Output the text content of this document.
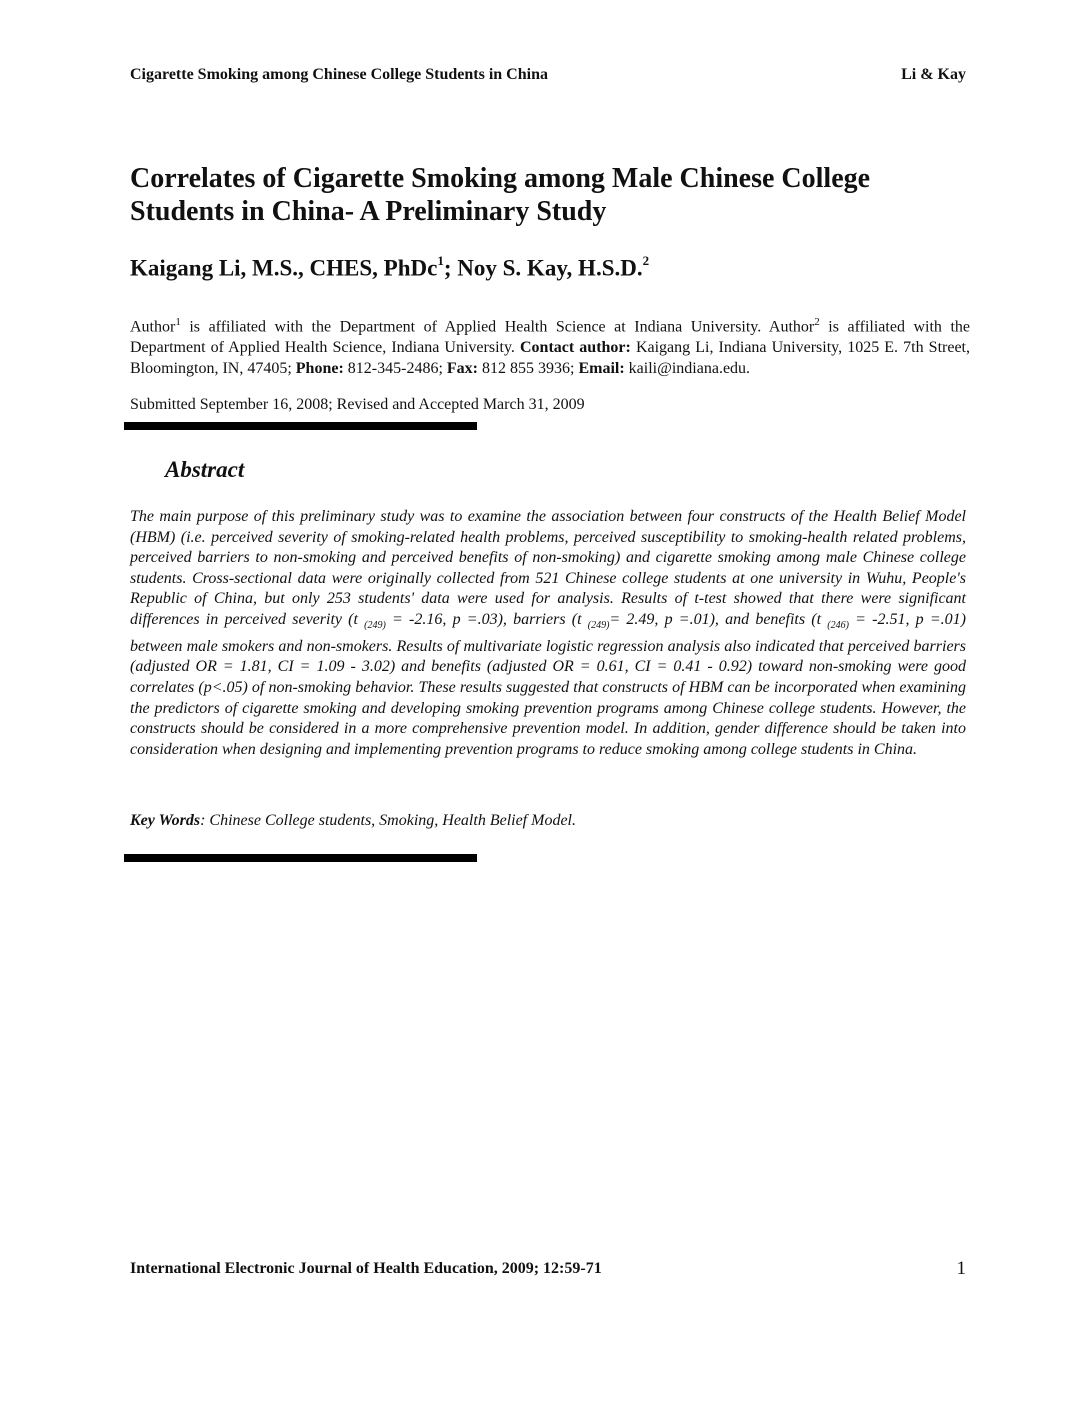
Cigarette Smoking among Chinese College Students in China	Li & Kay
Correlates of Cigarette Smoking among Male Chinese College Students in China- A Preliminary Study
Kaigang Li, M.S., CHES, PhDc$^1$; Noy S. Kay, H.S.D.$^2$
Author$^1$ is affiliated with the Department of Applied Health Science at Indiana University. Author$^2$ is affiliated with the Department of Applied Health Science, Indiana University. Contact author: Kaigang Li, Indiana University, 1025 E. 7th Street, Bloomington, IN, 47405; Phone: 812-345-2486; Fax: 812 855 3936; Email: kaili@indiana.edu.
Submitted September 16, 2008; Revised and Accepted March 31, 2009
Abstract
The main purpose of this preliminary study was to examine the association between four constructs of the Health Belief Model (HBM) (i.e. perceived severity of smoking-related health problems, perceived susceptibility to smoking-health related problems, perceived barriers to non-smoking and perceived benefits of non-smoking) and cigarette smoking among male Chinese college students. Cross-sectional data were originally collected from 521 Chinese college students at one university in Wuhu, People's Republic of China, but only 253 students' data were used for analysis. Results of t-test showed that there were significant differences in perceived severity (t $_{(249)}$ = -2.16, p =.03), barriers (t $_{(249)}$= 2.49, p =.01), and benefits (t $_{(246)}$ = -2.51, p =.01) between male smokers and non-smokers. Results of multivariate logistic regression analysis also indicated that perceived barriers (adjusted OR = 1.81, CI = 1.09 - 3.02) and benefits (adjusted OR = 0.61, CI = 0.41 - 0.92) toward non-smoking were good correlates (p<.05) of non-smoking behavior. These results suggested that constructs of HBM can be incorporated when examining the predictors of cigarette smoking and developing smoking prevention programs among Chinese college students. However, the constructs should be considered in a more comprehensive prevention model. In addition, gender difference should be taken into consideration when designing and implementing prevention programs to reduce smoking among college students in China.
Key Words: Chinese College students, Smoking, Health Belief Model.
International Electronic Journal of Health Education, 2009; 12:59-71	1
